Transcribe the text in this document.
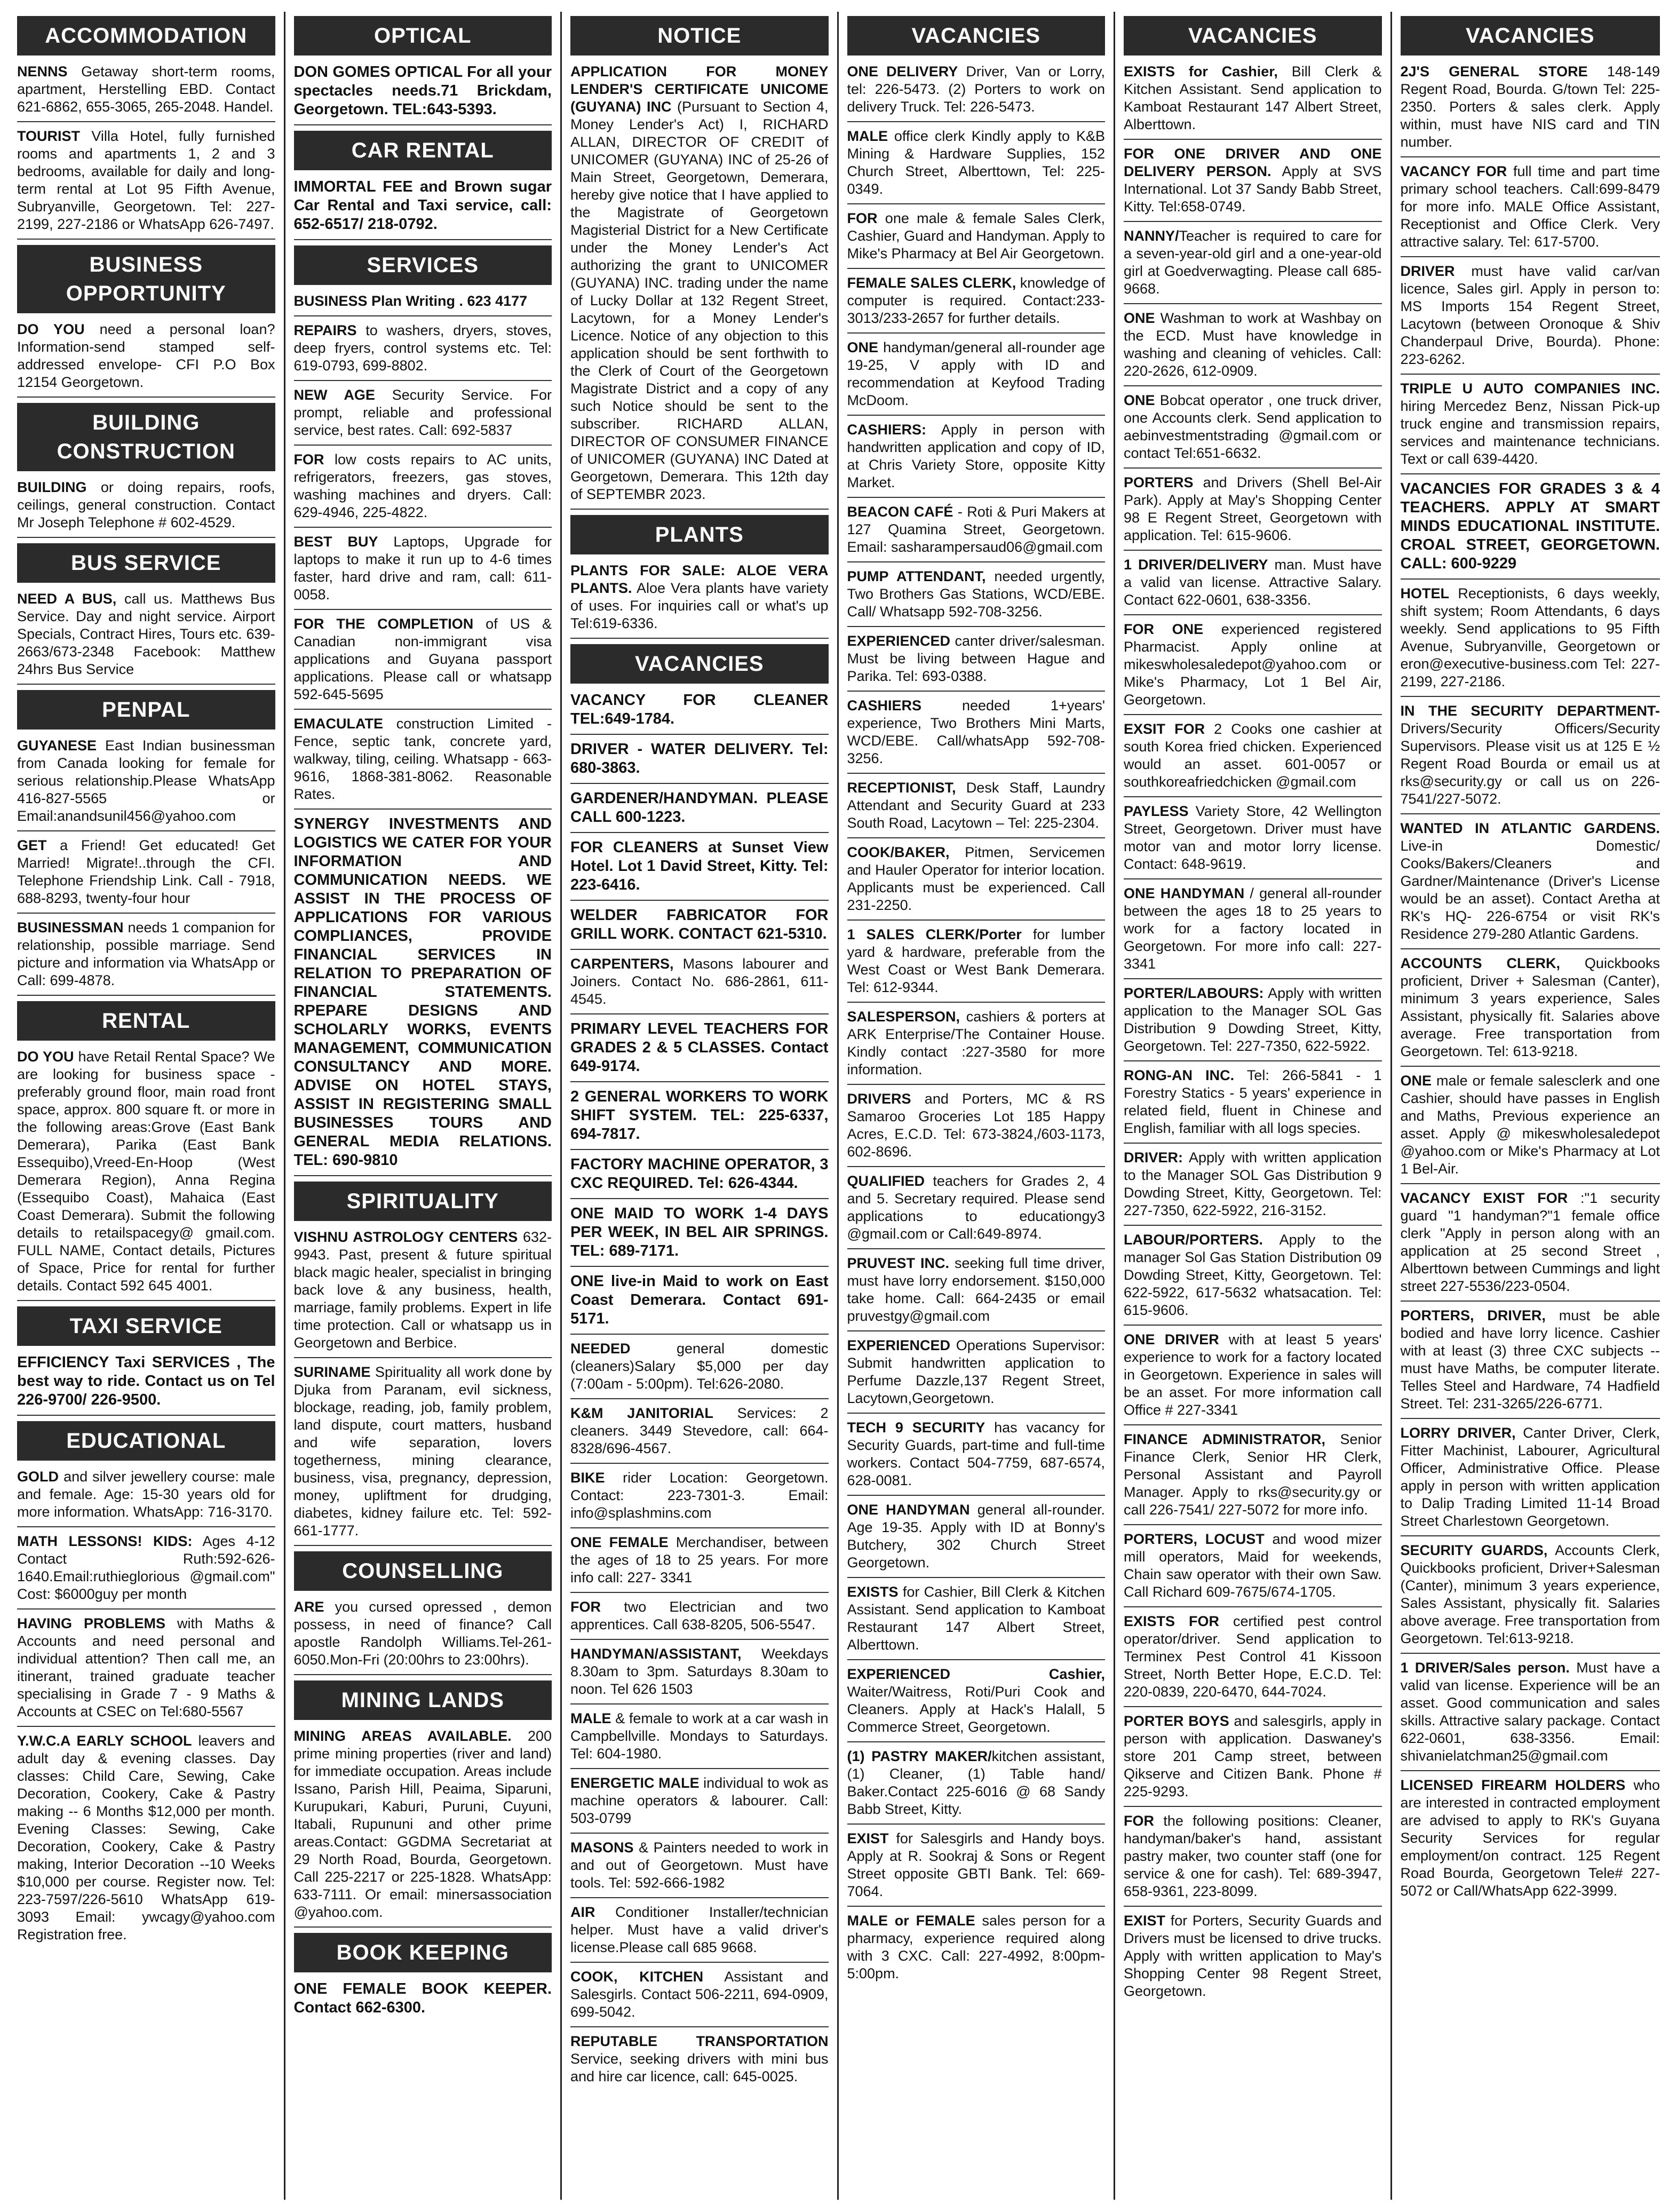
ACCOMMODATION
NENNS Getaway short-term rooms, apartment, Herstelling EBD. Contact 621-6862, 655-3065, 265-2048. Handel.
TOURIST Villa Hotel, fully furnished rooms and apartments 1, 2 and 3 bedrooms, available for daily and long-term rental at Lot 95 Fifth Avenue, Subryanville, Georgetown. Tel: 227-2199, 227-2186 or WhatsApp 626-7497.
BUSINESS OPPORTUNITY
DO YOU need a personal loan? Information-send stamped self-addressed envelope- CFI P.O Box 12154 Georgetown.
BUILDING CONSTRUCTION
BUILDING or doing repairs, roofs, ceilings, general construction. Contact Mr Joseph Telephone # 602-4529.
BUS SERVICE
NEED A BUS, call us. Matthews Bus Service. Day and night service. Airport Specials, Contract Hires, Tours etc. 639-2663/673-2348 Facebook: Matthew 24hrs Bus Service
PENPAL
GUYANESE East Indian businessman from Canada looking for female for serious relationship.Please WhatsApp 416-827-5565 or Email:anandsunil456@yahoo.com
GET a Friend! Get educated! Get Married! Migrate!..through the CFI. Telephone Friendship Link. Call - 7918, 688-8293, twenty-four hour
BUSINESSMAN needs 1 companion for relationship, possible marriage. Send picture and information via WhatsApp or Call: 699-4878.
RENTAL
DO YOU have Retail Rental Space? We are looking for business space - preferably ground floor, main road front space, approx. 800 square ft. or more in the following areas:Grove (East Bank Demerara), Parika (East Bank Essequibo),Vreed-En-Hoop (West Demerara Region), Anna Regina (Essequibo Coast), Mahaica (East Coast Demerara). Submit the following details to retailspacegy@ gmail.com. FULL NAME, Contact details, Pictures of Space, Price for rental for further details. Contact 592 645 4001.
TAXI SERVICE
EFFICIENCY Taxi SERVICES , The best way to ride. Contact us on Tel 226-9700/ 226-9500.
EDUCATIONAL
GOLD and silver jewellery course: male and female. Age: 15-30 years old for more information. WhatsApp: 716-3170.
MATH LESSONS! KIDS: Ages 4-12 Contact Ruth:592-626-1640.Email:ruthieglorious @gmail.com" Cost: $6000guy per month
HAVING PROBLEMS with Maths & Accounts and need personal and individual attention? Then call me, an itinerant, trained graduate teacher specialising in Grade 7 - 9 Maths & Accounts at CSEC on Tel:680-5567
Y.W.C.A EARLY SCHOOL leavers and adult day & evening classes. Day classes: Child Care, Sewing, Cake Decoration, Cookery, Cake & Pastry making -- 6 Months $12,000 per month. Evening Classes: Sewing, Cake Decoration, Cookery, Cake & Pastry making, Interior Decoration --10 Weeks $10,000 per course. Register now. Tel: 223-7597/226-5610 WhatsApp 619-3093 Email: ywcagy@yahoo.com Registration free.
OPTICAL
DON GOMES OPTICAL For all your spectacles needs.71 Brickdam, Georgetown. TEL:643-5393.
CAR RENTAL
IMMORTAL FEE and Brown sugar Car Rental and Taxi service, call: 652-6517/ 218-0792.
SERVICES
BUSINESS Plan Writing . 623 4177
REPAIRS to washers, dryers, stoves, deep fryers, control systems etc. Tel: 619-0793, 699-8802.
NEW AGE Security Service. For prompt, reliable and professional service, best rates. Call: 692-5837
FOR low costs repairs to AC units, refrigerators, freezers, gas stoves, washing machines and dryers. Call: 629-4946, 225-4822.
BEST BUY Laptops, Upgrade for laptops to make it run up to 4-6 times faster, hard drive and ram, call: 611-0058.
FOR THE COMPLETION of US & Canadian non-immigrant visa applications and Guyana passport applications. Please call or whatsapp 592-645-5695
EMACULATE construction Limited - Fence, septic tank, concrete yard, walkway, tiling, ceiling. Whatsapp - 663-9616, 1868-381-8062. Reasonable Rates.
SYNERGY INVESTMENTS AND LOGISTICS WE CATER FOR YOUR INFORMATION AND COMMUNICATION NEEDS. WE ASSIST IN THE PROCESS OF APPLICATIONS FOR VARIOUS COMPLIANCES, PROVIDE FINANCIAL SERVICES IN RELATION TO PREPARATION OF FINANCIAL STATEMENTS. RPEPARE DESIGNS AND SCHOLARLY WORKS, EVENTS MANAGEMENT, COMMUNICATION CONSULTANCY AND MORE. ADVISE ON HOTEL STAYS, ASSIST IN REGISTERING SMALL BUSINESSES TOURS AND GENERAL MEDIA RELATIONS. TEL: 690-9810
SPIRITUALITY
VISHNU ASTROLOGY CENTERS 632-9943. Past, present & future spiritual black magic healer, specialist in bringing back love & any business, health, marriage, family problems. Expert in life time protection. Call or whatsapp us in Georgetown and Berbice.
SURINAME Spirituality all work done by Djuka from Paranam, evil sickness, blockage, reading, job, family problem, land dispute, court matters, husband and wife separation, lovers togetherness, mining clearance, business, visa, pregnancy, depression, money, upliftment for drudging, diabetes, kidney failure etc. Tel: 592-661-1777.
COUNSELLING
ARE you cursed opressed , demon possess, in need of finance? Call apostle Randolph Williams.Tel-261-6050.Mon-Fri (20:00hrs to 23:00hrs).
MINING LANDS
MINING AREAS AVAILABLE. 200 prime mining properties (river and land) for immediate occupation. Areas include Issano, Parish Hill, Peaima, Siparuni, Kurupukari, Kaburi, Puruni, Cuyuni, Itabali, Rupununi and other prime areas.Contact: GGDMA Secretariat at 29 North Road, Bourda, Georgetown. Call 225-2217 or 225-1828. WhatsApp: 633-7111. Or email: minersassociation @yahoo.com.
BOOK KEEPING
ONE FEMALE BOOK KEEPER. Contact 662-6300.
NOTICE
APPLICATION FOR MONEY LENDER'S CERTIFICATE UNICOME (GUYANA) INC (Pursuant to Section 4, Money Lender's Act) I, RICHARD ALLAN, DIRECTOR OF CREDIT of UNICOMER (GUYANA) INC of 25-26 of Main Street, Georgetown, Demerara, hereby give notice that I have applied to the Magistrate of Georgetown Magisterial District for a New Certificate under the Money Lender's Act authorizing the grant to UNICOMER (GUYANA) INC. trading under the name of Lucky Dollar at 132 Regent Street, Lacytown, for a Money Lender's Licence. Notice of any objection to this application should be sent forthwith to the Clerk of Court of the Georgetown Magistrate District and a copy of any such Notice should be sent to the subscriber. RICHARD ALLAN, DIRECTOR OF CONSUMER FINANCE of UNICOMER (GUYANA) INC Dated at Georgetown, Demerara. This 12th day of SEPTEMBR 2023.
PLANTS
PLANTS FOR SALE: ALOE VERA PLANTS. Aloe Vera plants have variety of uses. For inquiries call or what's up Tel:619-6336.
VACANCIES
VACANCY FOR CLEANER TEL:649-1784.
DRIVER - WATER DELIVERY. Tel: 680-3863.
GARDENER/HANDYMAN. PLEASE CALL 600-1223.
FOR CLEANERS at Sunset View Hotel. Lot 1 David Street, Kitty. Tel: 223-6416.
WELDER FABRICATOR FOR GRILL WORK. CONTACT 621-5310.
CARPENTERS, Masons labourer and Joiners. Contact No. 686-2861, 611-4545.
PRIMARY LEVEL TEACHERS FOR GRADES 2 & 5 CLASSES. Contact 649-9174.
2 GENERAL WORKERS TO WORK SHIFT SYSTEM. TEL: 225-6337, 694-7817.
FACTORY MACHINE OPERATOR, 3 CXC REQUIRED. Tel: 626-4344.
ONE MAID TO WORK 1-4 DAYS PER WEEK, IN BEL AIR SPRINGS. TEL: 689-7171.
ONE live-in Maid to work on East Coast Demerara. Contact 691-5171.
NEEDED general domestic (cleaners)Salary $5,000 per day (7:00am - 5:00pm). Tel:626-2080.
K&M JANITORIAL Services: 2 cleaners. 3449 Stevedore, call: 664-8328/696-4567.
BIKE rider Location: Georgetown. Contact: 223-7301-3. Email: info@splashmins.com
ONE FEMALE Merchandiser, between the ages of 18 to 25 years. For more info call: 227- 3341
FOR two Electrician and two apprentices. Call 638-8205, 506-5547.
HANDYMAN/ASSISTANT, Weekdays 8.30am to 3pm. Saturdays 8.30am to noon. Tel 626 1503
MALE & female to work at a car wash in Campbellville. Mondays to Saturdays. Tel: 604-1980.
ENERGETIC MALE individual to wok as machine operators & labourer. Call: 503-0799
MASONS & Painters needed to work in and out of Georgetown. Must have tools. Tel: 592-666-1982
AIR Conditioner Installer/technician helper. Must have a valid driver's license.Please call 685 9668.
COOK, KITCHEN Assistant and Salesgirls. Contact 506-2211, 694-0909, 699-5042.
REPUTABLE TRANSPORTATION Service, seeking drivers with mini bus and hire car licence, call: 645-0025.
VACANCIES
ONE DELIVERY Driver, Van or Lorry, tel: 226-5473. (2) Porters to work on delivery Truck. Tel: 226-5473.
MALE office clerk Kindly apply to K&B Mining & Hardware Supplies, 152 Church Street, Alberttown, Tel: 225-0349.
FOR one male & female Sales Clerk, Cashier, Guard and Handyman. Apply to Mike's Pharmacy at Bel Air Georgetown.
FEMALE SALES CLERK, knowledge of computer is required. Contact:233-3013/233-2657 for further details.
ONE handyman/general all-rounder age 19-25, V apply with ID and recommendation at Keyfood Trading McDoom.
CASHIERS: Apply in person with handwritten application and copy of ID, at Chris Variety Store, opposite Kitty Market.
BEACON CAFÉ - Roti & Puri Makers at 127 Quamina Street, Georgetown. Email: sasharampersaud06@gmail.com
PUMP ATTENDANT, needed urgently, Two Brothers Gas Stations, WCD/EBE. Call/ Whatsapp 592-708-3256.
EXPERIENCED canter driver/salesman. Must be living between Hague and Parika. Tel: 693-0388.
CASHIERS needed 1+years' experience, Two Brothers Mini Marts, WCD/EBE. Call/whatsApp 592-708-3256.
RECEPTIONIST, Desk Staff, Laundry Attendant and Security Guard at 233 South Road, Lacytown – Tel: 225-2304.
COOK/BAKER, Pitmen, Servicemen and Hauler Operator for interior location. Applicants must be experienced. Call 231-2250.
1 SALES CLERK/Porter for lumber yard & hardware, preferable from the West Coast or West Bank Demerara. Tel: 612-9344.
SALESPERSON, cashiers & porters at ARK Enterprise/The Container House. Kindly contact :227-3580 for more information.
DRIVERS and Porters, MC & RS Samaroo Groceries Lot 185 Happy Acres, E.C.D. Tel: 673-3824,/603-1173, 602-8696.
QUALIFIED teachers for Grades 2, 4 and 5. Secretary required. Please send applications to educationgy3 @gmail.com or Call:649-8974.
PRUVEST INC. seeking full time driver, must have lorry endorsement. $150,000 take home. Call: 664-2435 or email pruvestgy@gmail.com
EXPERIENCED Operations Supervisor: Submit handwritten application to Perfume Dazzle,137 Regent Street, Lacytown,Georgetown.
TECH 9 SECURITY has vacancy for Security Guards, part-time and full-time workers. Contact 504-7759, 687-6574, 628-0081.
ONE HANDYMAN general all-rounder. Age 19-35. Apply with ID at Bonny's Butchery, 302 Church Street Georgetown.
EXISTS for Cashier, Bill Clerk & Kitchen Assistant. Send application to Kamboat Restaurant 147 Albert Street, Alberttown.
EXPERIENCED Cashier, Waiter/Waitress, Roti/Puri Cook and Cleaners. Apply at Hack's Halall, 5 Commerce Street, Georgetown.
(1) PASTRY MAKER/kitchen assistant,(1) Cleaner, (1) Table hand/ Baker.Contact 225-6016 @ 68 Sandy Babb Street, Kitty.
EXIST for Salesgirls and Handy boys. Apply at R. Sookraj & Sons or Regent Street opposite GBTI Bank. Tel: 669-7064.
MALE or FEMALE sales person for a pharmacy, experience required along with 3 CXC. Call: 227-4992, 8:00pm-5:00pm.
VACANCIES
EXISTS for Cashier, Bill Clerk & Kitchen Assistant. Send application to Kamboat Restaurant 147 Albert Street, Alberttown.
FOR ONE DRIVER AND ONE DELIVERY PERSON. Apply at SVS International. Lot 37 Sandy Babb Street, Kitty. Tel:658-0749.
NANNY/Teacher is required to care for a seven-year-old girl and a one-year-old girl at Goedverwagting. Please call 685-9668.
ONE Washman to work at Washbay on the ECD. Must have knowledge in washing and cleaning of vehicles. Call: 220-2626, 612-0909.
ONE Bobcat operator , one truck driver, one Accounts clerk. Send application to aebinvestmentstrading @gmail.com or contact Tel:651-6632.
PORTERS and Drivers (Shell Bel-Air Park). Apply at May's Shopping Center 98 E Regent Street, Georgetown with application. Tel: 615-9606.
1 DRIVER/DELIVERY man. Must have a valid van license. Attractive Salary. Contact 622-0601, 638-3356.
FOR ONE experienced registered Pharmacist. Apply online at mikeswholesaledepot@yahoo.com or Mike's Pharmacy, Lot 1 Bel Air, Georgetown.
EXSIT FOR 2 Cooks one cashier at south Korea fried chicken. Experienced would an asset. 601-0057 or southkoreafriedchicken @gmail.com
PAYLESS Variety Store, 42 Wellington Street, Georgetown. Driver must have motor van and motor lorry license. Contact: 648-9619.
ONE HANDYMAN / general all-rounder between the ages 18 to 25 years to work for a factory located in Georgetown. For more info call: 227- 3341
PORTER/LABOURS: Apply with written application to the Manager SOL Gas Distribution 9 Dowding Street, Kitty, Georgetown. Tel: 227-7350, 622-5922.
RONG-AN INC. Tel: 266-5841 - 1 Forestry Statics - 5 years' experience in related field, fluent in Chinese and English, familiar with all logs species.
DRIVER: Apply with written application to the Manager SOL Gas Distribution 9 Dowding Street, Kitty, Georgetown. Tel: 227-7350, 622-5922, 216-3152.
LABOUR/PORTERS. Apply to the manager Sol Gas Station Distribution 09 Dowding Street, Kitty, Georgetown. Tel: 622-5922, 617-5632 whatsacation. Tel: 615-9606.
ONE DRIVER with at least 5 years' experience to work for a factory located in Georgetown. Experience in sales will be an asset. For more information call Office # 227-3341
FINANCE ADMINISTRATOR, Senior Finance Clerk, Senior HR Clerk, Personal Assistant and Payroll Manager. Apply to rks@security.gy or call 226-7541/ 227-5072 for more info.
PORTERS, LOCUST and wood mizer mill operators, Maid for weekends, Chain saw operator with their own Saw. Call Richard 609-7675/674-1705.
EXISTS FOR certified pest control operator/driver. Send application to Terminex Pest Control 41 Kissoon Street, North Better Hope, E.C.D. Tel: 220-0839, 220-6470, 644-7024.
PORTER BOYS and salesgirls, apply in person with application. Daswaney's store 201 Camp street, between Qikserve and Citizen Bank. Phone # 225-9293.
FOR the following positions: Cleaner, handyman/baker's hand, assistant pastry maker, two counter staff (one for service & one for cash). Tel: 689-3947, 658-9361, 223-8099.
EXIST for Porters, Security Guards and Drivers must be licensed to drive trucks. Apply with written application to May's Shopping Center 98 Regent Street, Georgetown.
VACANCIES
2J'S GENERAL STORE 148-149 Regent Road, Bourda. G/town Tel: 225-2350. Porters & sales clerk. Apply within, must have NIS card and TIN number.
VACANCY FOR full time and part time primary school teachers. Call:699-8479 for more info. MALE Office Assistant, Receptionist and Office Clerk. Very attractive salary. Tel: 617-5700.
DRIVER must have valid car/van licence, Sales girl. Apply in person to: MS Imports 154 Regent Street, Lacytown (between Oronoque & Shiv Chanderpaul Drive, Bourda). Phone: 223-6262.
TRIPLE U AUTO COMPANIES INC. hiring Mercedez Benz, Nissan Pick-up truck engine and transmission repairs, services and maintenance technicians. Text or call 639-4420.
VACANCIES FOR GRADES 3 & 4 TEACHERS. APPLY AT SMART MINDS EDUCATIONAL INSTITUTE. CROAL STREET, GEORGETOWN. CALL: 600-9229
HOTEL Receptionists, 6 days weekly, shift system; Room Attendants, 6 days weekly. Send applications to 95 Fifth Avenue, Subryanville, Georgetown or eron@executive-business.com Tel: 227-2199, 227-2186.
IN THE SECURITY DEPARTMENT- Drivers/Security Officers/Security Supervisors. Please visit us at 125 E ½ Regent Road Bourda or email us at rks@security.gy or call us on 226-7541/227-5072.
WANTED IN ATLANTIC GARDENS. Live-in Domestic/ Cooks/Bakers/Cleaners and Gardner/Maintenance (Driver's License would be an asset). Contact Aretha at RK's HQ- 226-6754 or visit RK's Residence 279-280 Atlantic Gardens.
ACCOUNTS CLERK, Quickbooks proficient, Driver + Salesman (Canter), minimum 3 years experience, Sales Assistant, physically fit. Salaries above average. Free transportation from Georgetown. Tel: 613-9218.
ONE male or female salesclerk and one Cashier, should have passes in English and Maths, Previous experience an asset. Apply @ mikeswholesaledepot @yahoo.com or Mike's Pharmacy at Lot 1 Bel-Air.
VACANCY EXIST FOR :"1 security guard "1 handyman?"1 female office clerk "Apply in person along with an application at 25 second Street , Alberttown between Cummings and light street 227-5536/223-0504.
PORTERS, DRIVER, must be able bodied and have lorry licence. Cashier with at least (3) three CXC subjects -- must have Maths, be computer literate. Telles Steel and Hardware, 74 Hadfield Street. Tel: 231-3265/226-6771.
LORRY DRIVER, Canter Driver, Clerk, Fitter Machinist, Labourer, Agricultural Officer, Administrative Office. Please apply in person with written application to Dalip Trading Limited 11-14 Broad Street Charlestown Georgetown.
SECURITY GUARDS, Accounts Clerk, Quickbooks proficient, Driver+Salesman (Canter), minimum 3 years experience, Sales Assistant, physically fit. Salaries above average. Free transportation from Georgetown. Tel:613-9218.
1 DRIVER/Sales person. Must have a valid van license. Experience will be an asset. Good communication and sales skills. Attractive salary package. Contact 622-0601, 638-3356. Email: shivanielatchman25@gmail.com
LICENSED FIREARM HOLDERS who are interested in contracted employment are advised to apply to RK's Guyana Security Services for regular employment/on contract. 125 Regent Road Bourda, Georgetown Tele# 227-5072 or Call/WhatsApp 622-3999.
